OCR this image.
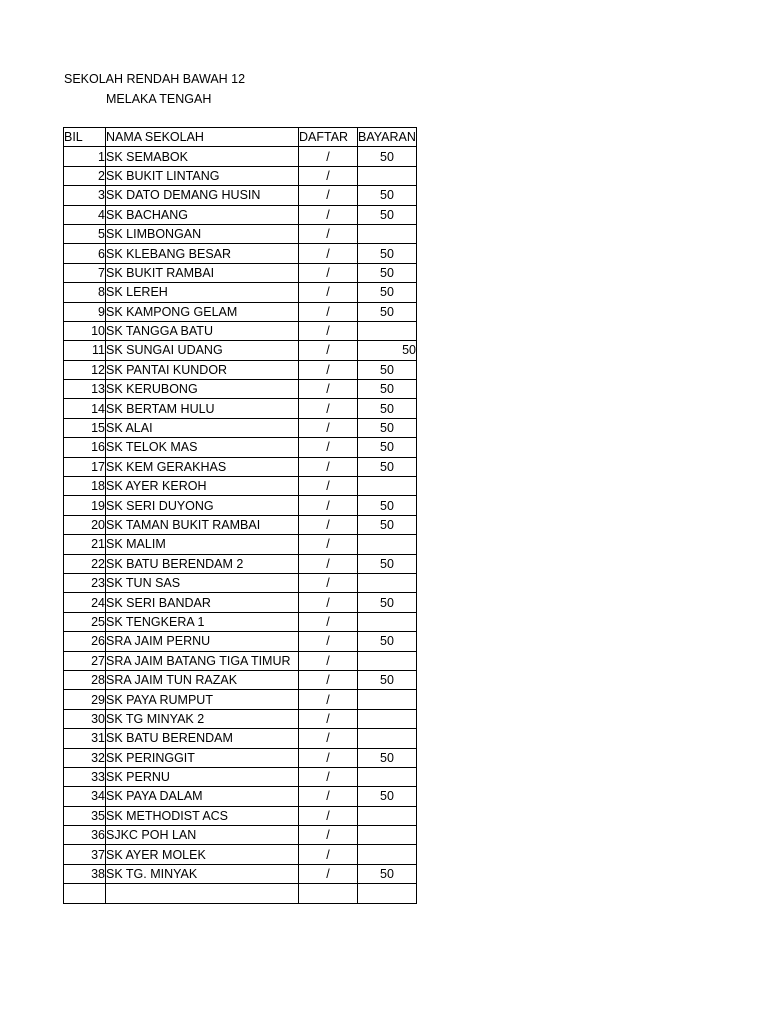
SEKOLAH RENDAH BAWAH 12
MELAKA TENGAH
BIL	NAMA SEKOLAH	DAFTAR	BAYARAN
1	SK SEMABOK	/	50
2	SK BUKIT LINTANG	/	
3	SK DATO DEMANG HUSIN	/	50
4	SK BACHANG	/	50
5	SK LIMBONGAN	/	
6	SK KLEBANG BESAR	/	50
7	SK BUKIT RAMBAI	/	50
8	SK LEREH	/	50
9	SK KAMPONG GELAM	/	50
10	SK TANGGA BATU	/	
11	SK SUNGAI UDANG	/	50
12	SK PANTAI KUNDOR	/	50
13	SK KERUBONG	/	50
14	SK BERTAM HULU	/	50
15	SK ALAI	/	50
16	SK TELOK MAS	/	50
17	SK KEM GERAKHAS	/	50
18	SK AYER KEROH	/	
19	SK SERI DUYONG	/	50
20	SK TAMAN BUKIT RAMBAI	/	50
21	SK MALIM	/	
22	SK BATU BERENDAM 2	/	50
23	SK TUN SAS	/	
24	SK SERI BANDAR	/	50
25	SK TENGKERA 1	/	
26	SRA JAIM PERNU	/	50
27	SRA JAIM BATANG TIGA TIMUR	/	
28	SRA JAIM TUN RAZAK	/	50
29	SK PAYA RUMPUT	/	
30	SK TG MINYAK 2	/	
31	SK BATU BERENDAM	/	
32	SK PERINGGIT	/	50
33	SK PERNU	/	
34	SK PAYA DALAM	/	50
35	SK METHODIST ACS	/	
36	SJKC POH LAN	/	
37	SK AYER MOLEK	/	
38	SK TG. MINYAK	/	50
